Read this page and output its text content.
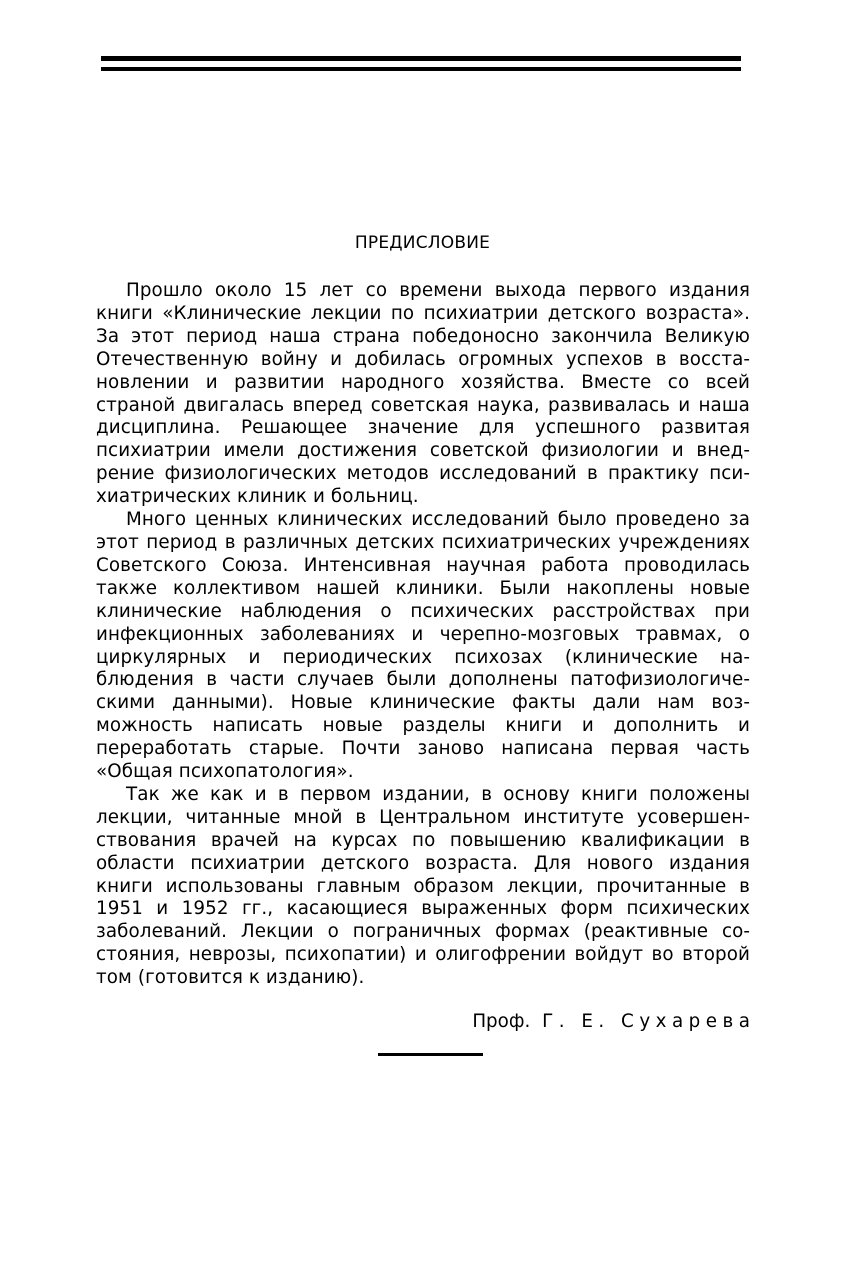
ПРЕДИСЛОВИЕ

Прошло около 15 лет со времени выхода первого издания книги «Клинические лекции по психиатрии детского возраста». За этот период наша страна победоносно закончила Великую Отечественную войну и добилась огромных успехов в восстановлении и развитии народного хозяйства. Вместе со всей страной двигалась вперед советская наука, развивалась и наша дисциплина. Решающее значение для успешного развитая психиатрии имели достижения советской физиологии и внедрение физиологических методов исследований в практику психиатрических клиник и больниц.

Много ценных клинических исследований было проведено за этот период в различных детских психиатрических учреждениях Советского Союза. Интенсивная научная работа проводилась также коллективом нашей клиники. Были накоплены новые клинические наблюдения о психических расстройствах при инфекционных заболеваниях и черепно-мозговых травмах, о циркулярных и периодических психозах (клинические наблюдения в части случаев были дополнены патофизиологическими данными). Новые клинические факты дали нам возможность написать новые разделы книги и дополнить и переработать старые. Почти заново написана первая часть «Общая психопатология».

Так же как и в первом издании, в основу книги положены лекции, читанные мной в Центральном институте усовершенствования врачей на курсах по повышению квалификации в области психиатрии детского возраста. Для нового издания книги использованы главным образом лекции, прочитанные в 1951 и 1952 гг., касающиеся выраженных форм психических заболеваний. Лекции о пограничных формах (реактивные состояния, неврозы, психопатии) и олигофрении войдут во второй том (готовится к изданию).

Проф. Г. Е. Сухарева
